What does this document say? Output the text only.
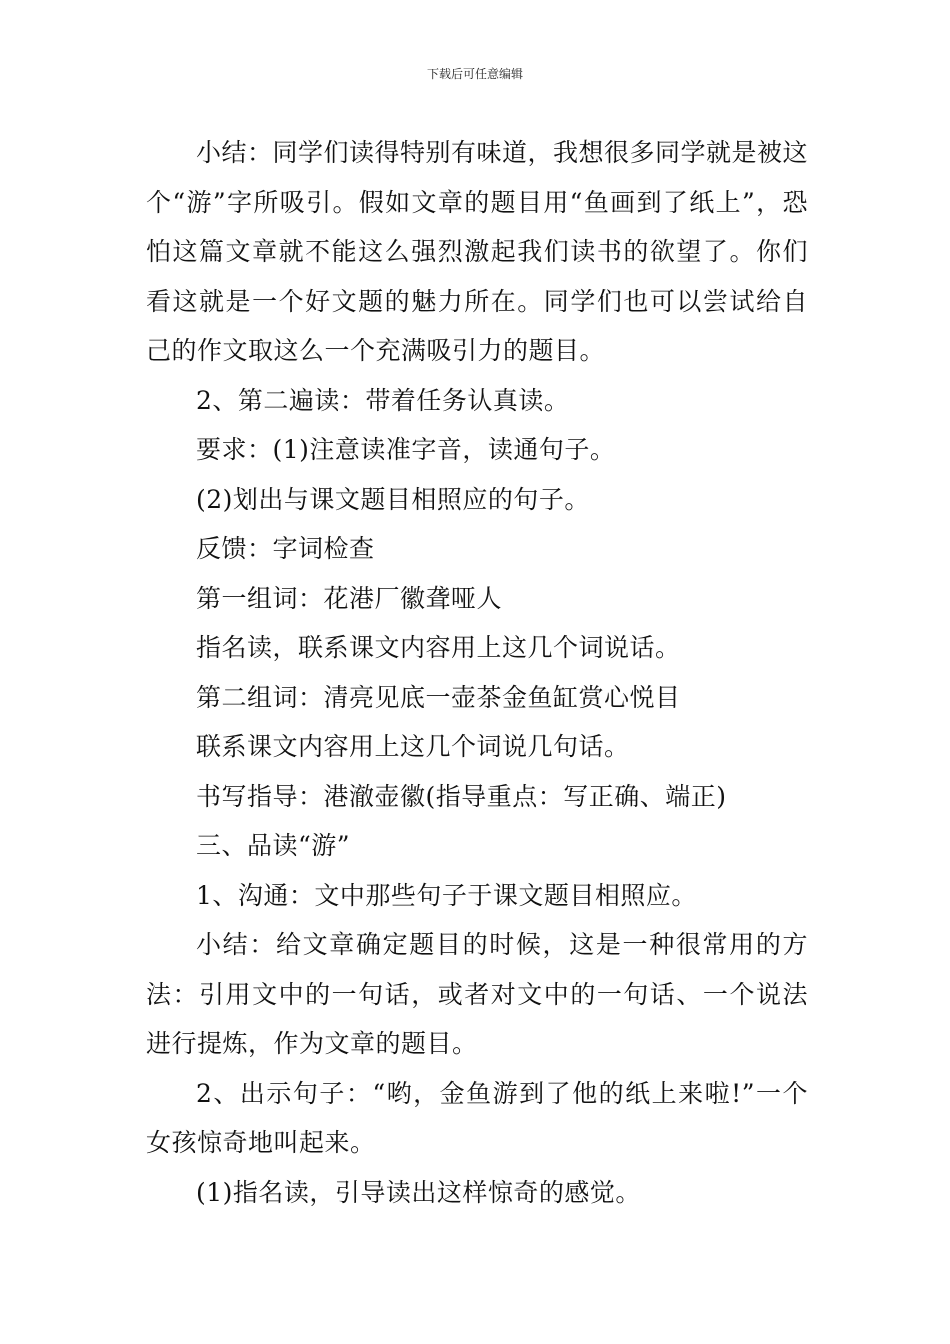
下载后可任意编辑

小结：同学们读得特别有味道，我想很多同学就是被这个“游”字所吸引。假如文章的题目用“鱼画到了纸上”，恐怕这篇文章就不能这么强烈激起我们读书的欲望了。你们看这就是一个好文题的魅力所在。同学们也可以尝试给自己的作文取这么一个充满吸引力的题目。

2、第二遍读：带着任务认真读。

要求：(1)注意读准字音，读通句子。

(2)划出与课文题目相照应的句子。

反馈：字词检查

第一组词：花港厂徽聋哑人

指名读，联系课文内容用上这几个词说话。

第二组词：清亮见底一壶茶金鱼缸赏心悦目

联系课文内容用上这几个词说几句话。

书写指导：港澈壶徽(指导重点：写正确、端正)

三、品读“游”

1、沟通：文中那些句子于课文题目相照应。

小结：给文章确定题目的时候，这是一种很常用的方法：引用文中的一句话，或者对文中的一句话、一个说法进行提炼，作为文章的题目。

2、出示句子：“哟，金鱼游到了他的纸上来啦!”一个女孩惊奇地叫起来。

(1)指名读，引导读出这样惊奇的感觉。
